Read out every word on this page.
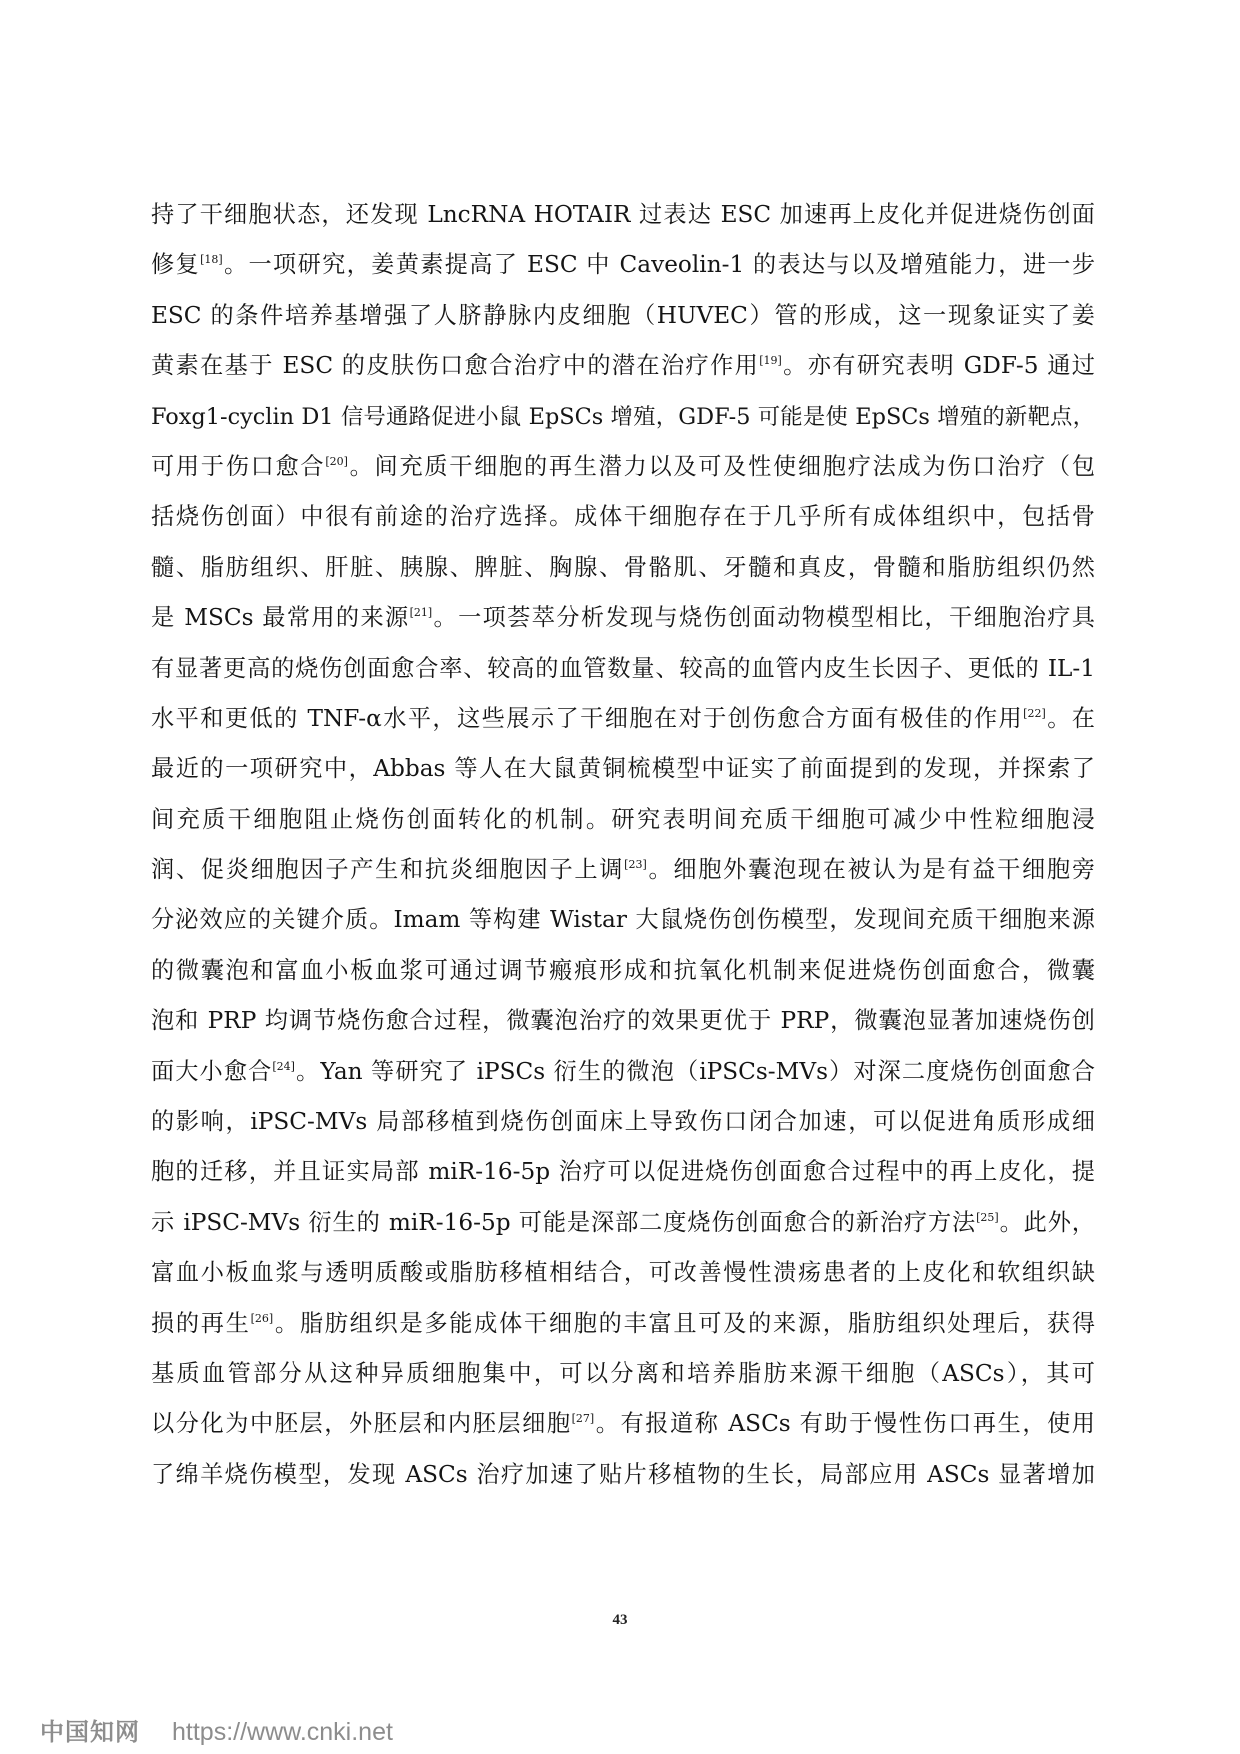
持了干细胞状态，还发现 LncRNA HOTAIR 过表达 ESC 加速再上皮化并促进烧伤创面
修复[18]。一项研究，姜黄素提高了 ESC 中 Caveolin-1 的表达与以及增殖能力，进一步
ESC 的条件培养基增强了人脐静脉内皮细胞（HUVEC）管的形成，这一现象证实了姜
黄素在基于 ESC 的皮肤伤口愈合治疗中的潜在治疗作用[19]。亦有研究表明 GDF-5 通过
Foxg1-cyclin D1 信号通路促进小鼠 EpSCs 增殖，GDF-5 可能是使 EpSCs 增殖的新靶点，
可用于伤口愈合[20]。间充质干细胞的再生潜力以及可及性使细胞疗法成为伤口治疗（包
括烧伤创面）中很有前途的治疗选择。成体干细胞存在于几乎所有成体组织中，包括骨
髓、脂肪组织、肝脏、胰腺、脾脏、胸腺、骨骼肌、牙髓和真皮，骨髓和脂肪组织仍然
是 MSCs 最常用的来源[21]。一项荟萃分析发现与烧伤创面动物模型相比，干细胞治疗具
有显著更高的烧伤创面愈合率、较高的血管数量、较高的血管内皮生长因子、更低的 IL-1
水平和更低的 TNF-α水平，这些展示了干细胞在对于创伤愈合方面有极佳的作用[22]。在
最近的一项研究中，Abbas 等人在大鼠黄铜梳模型中证实了前面提到的发现，并探索了
间充质干细胞阻止烧伤创面转化的机制。研究表明间充质干细胞可减少中性粒细胞浸
润、促炎细胞因子产生和抗炎细胞因子上调[23]。细胞外囊泡现在被认为是有益干细胞旁
分泌效应的关键介质。Imam 等构建 Wistar 大鼠烧伤创伤模型，发现间充质干细胞来源
的微囊泡和富血小板血浆可通过调节瘢痕形成和抗氧化机制来促进烧伤创面愈合，微囊
泡和 PRP 均调节烧伤愈合过程，微囊泡治疗的效果更优于 PRP，微囊泡显著加速烧伤创
面大小愈合[24]。Yan 等研究了 iPSCs 衍生的微泡（iPSCs-MVs）对深二度烧伤创面愈合
的影响，iPSC-MVs 局部移植到烧伤创面床上导致伤口闭合加速，可以促进角质形成细
胞的迁移，并且证实局部 miR-16-5p 治疗可以促进烧伤创面愈合过程中的再上皮化，提
示 iPSC-MVs 衍生的 miR-16-5p 可能是深部二度烧伤创面愈合的新治疗方法[25]。此外，
富血小板血浆与透明质酸或脂肪移植相结合，可改善慢性溃疡患者的上皮化和软组织缺
损的再生[26]。脂肪组织是多能成体干细胞的丰富且可及的来源，脂肪组织处理后，获得
基质血管部分从这种异质细胞集中，可以分离和培养脂肪来源干细胞（ASCs），其可
以分化为中胚层，外胚层和内胚层细胞[27]。有报道称 ASCs 有助于慢性伤口再生，使用
了绵羊烧伤模型，发现 ASCs 治疗加速了贴片移植物的生长，局部应用 ASCs 显著增加
43
中国知网 https://www.cnki.net
